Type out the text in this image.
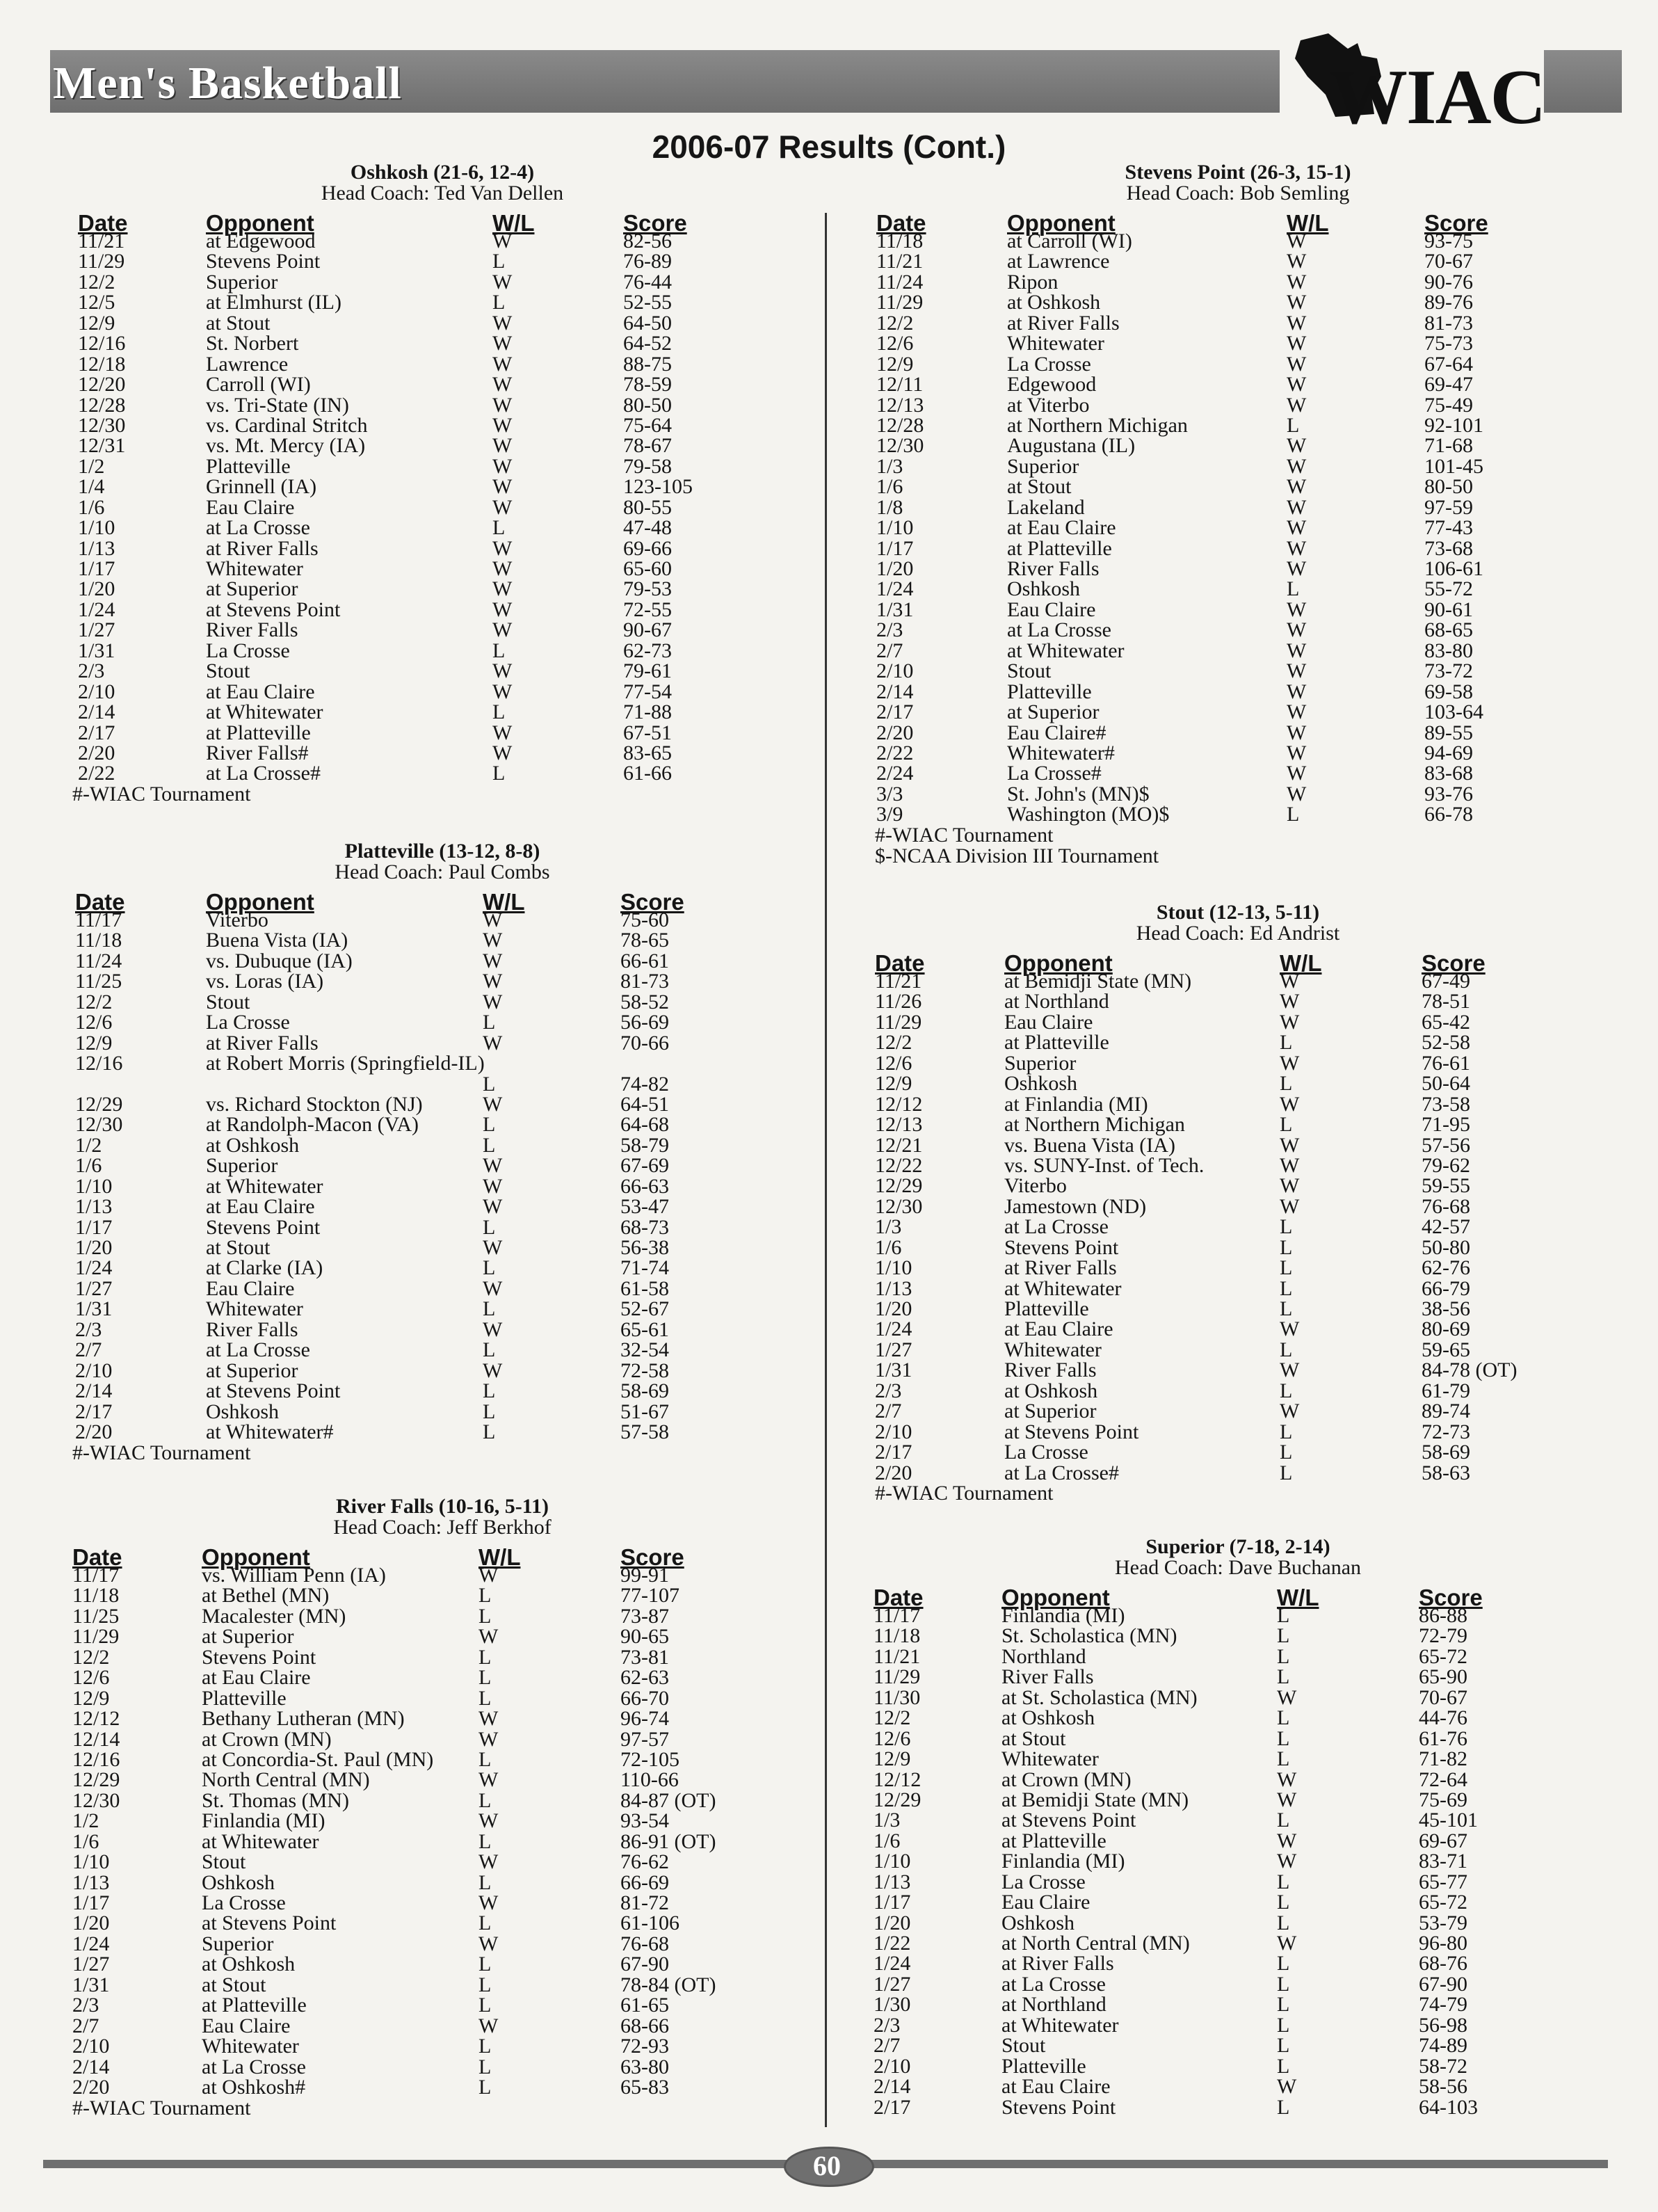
Men's Basketball	WIAC
2006-07 Results (Cont.)
Oshkosh (21-6, 12-4)
Head Coach: Ted Van Dellen
Date	Opponent	W/L	Score
11/21	at Edgewood	W	82-56
11/29	Stevens Point	L	76-89
12/2	Superior	W	76-44
12/5	at Elmhurst (IL)	L	52-55
12/9	at Stout	W	64-50
12/16	St. Norbert	W	64-52
12/18	Lawrence	W	88-75
12/20	Carroll (WI)	W	78-59
12/28	vs. Tri-State (IN)	W	80-50
12/30	vs. Cardinal Stritch	W	75-64
12/31	vs. Mt. Mercy (IA)	W	78-67
1/2	Platteville	W	79-58
1/4	Grinnell (IA)	W	123-105
1/6	Eau Claire	W	80-55
1/10	at La Crosse	L	47-48
1/13	at River Falls	W	69-66
1/17	Whitewater	W	65-60
1/20	at Superior	W	79-53
1/24	at Stevens Point	W	72-55
1/27	River Falls	W	90-67
1/31	La Crosse	L	62-73
2/3	Stout	W	79-61
2/10	at Eau Claire	W	77-54
2/14	at Whitewater	L	71-88
2/17	at Platteville	W	67-51
2/20	River Falls#	W	83-65
2/22	at La Crosse#	L	61-66
#-WIAC Tournament
Platteville (13-12, 8-8)
Head Coach: Paul Combs
Date	Opponent	W/L	Score
11/17	Viterbo	W	75-60
11/18	Buena Vista (IA)	W	78-65
11/24	vs. Dubuque (IA)	W	66-61
11/25	vs. Loras (IA)	W	81-73
12/2	Stout	W	58-52
12/6	La Crosse	L	56-69
12/9	at River Falls	W	70-66
12/16	at Robert Morris (Springfield-IL)
L	74-82
12/29	vs. Richard Stockton (NJ)	W	64-51
12/30	at Randolph-Macon (VA)	L	64-68
1/2	at Oshkosh	L	58-79
1/6	Superior	W	67-69
1/10	at Whitewater	W	66-63
1/13	at Eau Claire	W	53-47
1/17	Stevens Point	L	68-73
1/20	at Stout	W	56-38
1/24	at Clarke (IA)	L	71-74
1/27	Eau Claire	W	61-58
1/31	Whitewater	L	52-67
2/3	River Falls	W	65-61
2/7	at La Crosse	L	32-54
2/10	at Superior	W	72-58
2/14	at Stevens Point	L	58-69
2/17	Oshkosh	L	51-67
2/20	at Whitewater#	L	57-58
#-WIAC Tournament
River Falls (10-16, 5-11)
Head Coach: Jeff Berkhof
Date	Opponent	W/L	Score
11/17	vs. William Penn (IA)	W	99-91
11/18	at Bethel (MN)	L	77-107
11/25	Macalester (MN)	L	73-87
11/29	at Superior	W	90-65
12/2	Stevens Point	L	73-81
12/6	at Eau Claire	L	62-63
12/9	Platteville	L	66-70
12/12	Bethany Lutheran (MN)	W	96-74
12/14	at Crown (MN)	W	97-57
12/16	at Concordia-St. Paul (MN) L	72-105
12/29	North Central (MN)	W	110-66
12/30	St. Thomas (MN)	L	84-87 (OT)
1/2	Finlandia (MI)	W	93-54
1/6	at Whitewater	L	86-91 (OT)
1/10	Stout	W	76-62
1/13	Oshkosh	L	66-69
1/17	La Crosse	W	81-72
1/20	at Stevens Point	L	61-106
1/24	Superior	W	76-68
1/27	at Oshkosh	L	67-90
1/31	at Stout	L	78-84 (OT)
2/3	at Platteville	L	61-65
2/7	Eau Claire	W	68-66
2/10	Whitewater	L	72-93
2/14	at La Crosse	L	63-80
2/20	at Oshkosh#	L	65-83
#-WIAC Tournament
Stevens Point (26-3, 15-1)
Head Coach: Bob Semling
Date	Opponent	W/L	Score
11/18	at Carroll (WI)	W	93-75
11/21	at Lawrence	W	70-67
11/24	Ripon	W	90-76
11/29	at Oshkosh	W	89-76
12/2	at River Falls	W	81-73
12/6	Whitewater	W	75-73
12/9	La Crosse	W	67-64
12/11	Edgewood	W	69-47
12/13	at Viterbo	W	75-49
12/28	at Northern Michigan	L	92-101
12/30	Augustana (IL)	W	71-68
1/3	Superior	W	101-45
1/6	at Stout	W	80-50
1/8	Lakeland	W	97-59
1/10	at Eau Claire	W	77-43
1/17	at Platteville	W	73-68
1/20	River Falls	W	106-61
1/24	Oshkosh	L	55-72
1/31	Eau Claire	W	90-61
2/3	at La Crosse	W	68-65
2/7	at Whitewater	W	83-80
2/10	Stout	W	73-72
2/14	Platteville	W	69-58
2/17	at Superior	W	103-64
2/20	Eau Claire#	W	89-55
2/22	Whitewater#	W	94-69
2/24	La Crosse#	W	83-68
3/3	St. John's (MN)$	W	93-76
3/9	Washington (MO)$	L	66-78
#-WIAC Tournament
$-NCAA Division III Tournament
Stout (12-13, 5-11)
Head Coach: Ed Andrist
Date	Opponent	W/L	Score
11/21	at Bemidji State (MN)	W	67-49
11/26	at Northland	W	78-51
11/29	Eau Claire	W	65-42
12/2	at Platteville	L	52-58
12/6	Superior	W	76-61
12/9	Oshkosh	L	50-64
12/12	at Finlandia (MI)	W	73-58
12/13	at Northern Michigan	L	71-95
12/21	vs. Buena Vista (IA)	W	57-56
12/22	vs. SUNY-Inst. of Tech.	W	79-62
12/29	Viterbo	W	59-55
12/30	Jamestown (ND)	W	76-68
1/3	at La Crosse	L	42-57
1/6	Stevens Point	L	50-80
1/10	at River Falls	L	62-76
1/13	at Whitewater	L	66-79
1/20	Platteville	L	38-56
1/24	at Eau Claire	W	80-69
1/27	Whitewater	L	59-65
1/31	River Falls	W	84-78 (OT)
2/3	at Oshkosh	L	61-79
2/7	at Superior	W	89-74
2/10	at Stevens Point	L	72-73
2/17	La Crosse	L	58-69
2/20	at La Crosse#	L	58-63
#-WIAC Tournament
Superior (7-18, 2-14)
Head Coach: Dave Buchanan
Date	Opponent	W/L	Score
11/17	Finlandia (MI)	L	86-88
11/18	St. Scholastica (MN)	L	72-79
11/21	Northland	L	65-72
11/29	River Falls	L	65-90
11/30	at St. Scholastica (MN)	W	70-67
12/2	at Oshkosh	L	44-76
12/6	at Stout	L	61-76
12/9	Whitewater	L	71-82
12/12	at Crown (MN)	W	72-64
12/29	at Bemidji State (MN)	W	75-69
1/3	at Stevens Point	L	45-101
1/6	at Platteville	W	69-67
1/10	Finlandia (MI)	W	83-71
1/13	La Crosse	L	65-77
1/17	Eau Claire	L	65-72
1/20	Oshkosh	L	53-79
1/22	at North Central (MN)	W	96-80
1/24	at River Falls	L	68-76
1/27	at La Crosse	L	67-90
1/30	at Northland	L	74-79
2/3	at Whitewater	L	56-98
2/7	Stout	L	74-89
2/10	Platteville	L	58-72
2/14	at Eau Claire	W	58-56
2/17	Stevens Point	L	64-103
60
